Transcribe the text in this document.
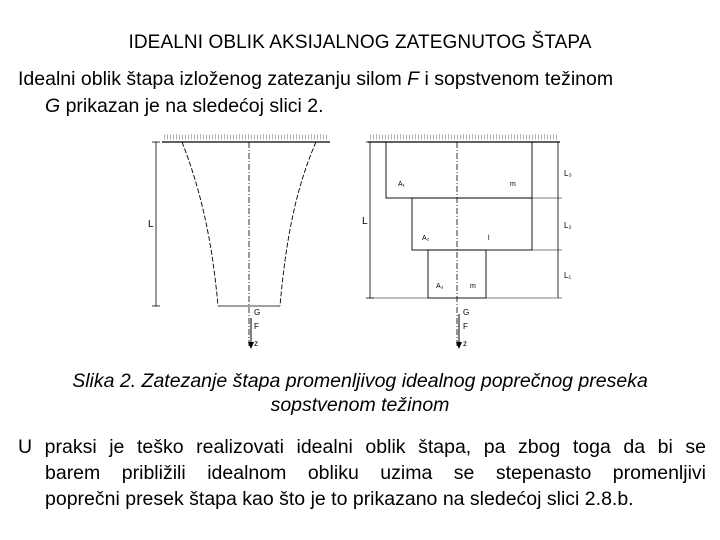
IDEALNI OBLIK AKSIJALNOG ZATEGNUTOG ŠTAPA
Idealni oblik štapa izloženog zatezanju silom F i sopstvenom težinom
G prikazan je na sledećoj slici 2.
L
G
F
z
L
A₁
A₂
A₃
m
l
m
L₃
L₂
L₁
G
F
z
Slika 2. Zatezanje štapa promenljivog idealnog poprečnog preseka
sopstvenom težinom
U praksi je teško realizovati idealni oblik štapa, pa zbog toga da bi se
barem približili idealnom obliku uzima se stepenasto promenljivi
poprečni presek štapa kao što je to prikazano na sledećoj slici 2.8.b.
